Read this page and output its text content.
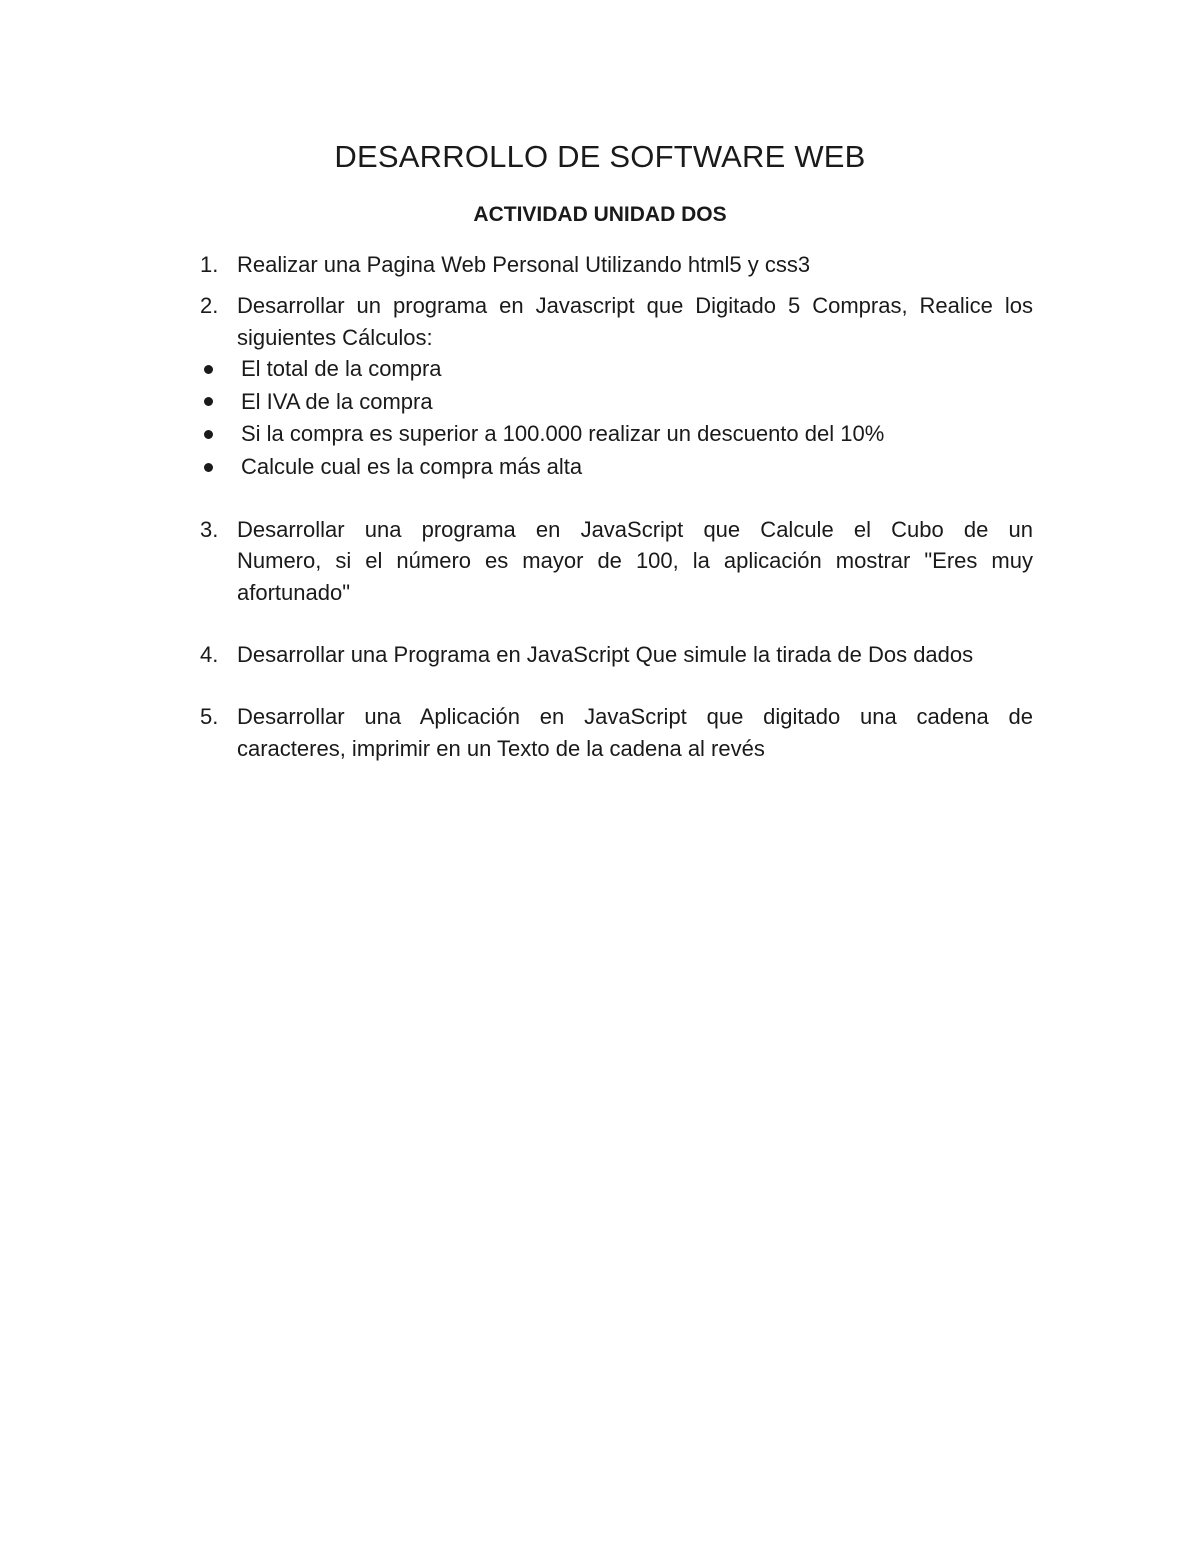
DESARROLLO DE SOFTWARE WEB
ACTIVIDAD UNIDAD DOS
1. Realizar una Pagina Web Personal Utilizando html5 y css3
2. Desarrollar un programa en Javascript que Digitado 5 Compras, Realice los
siguientes Cálculos:
El total de la compra
El IVA de la compra
Si la compra es superior a 100.000 realizar un descuento del 10%
Calcule cual es la compra más alta
3. Desarrollar una programa en JavaScript que Calcule el Cubo de un
Numero, si el número es mayor de 100, la aplicación mostrar "Eres muy
afortunado"
4. Desarrollar una Programa en JavaScript Que simule la tirada de Dos dados
5. Desarrollar una Aplicación en JavaScript que digitado una cadena de
caracteres, imprimir en un Texto de la cadena al revés
